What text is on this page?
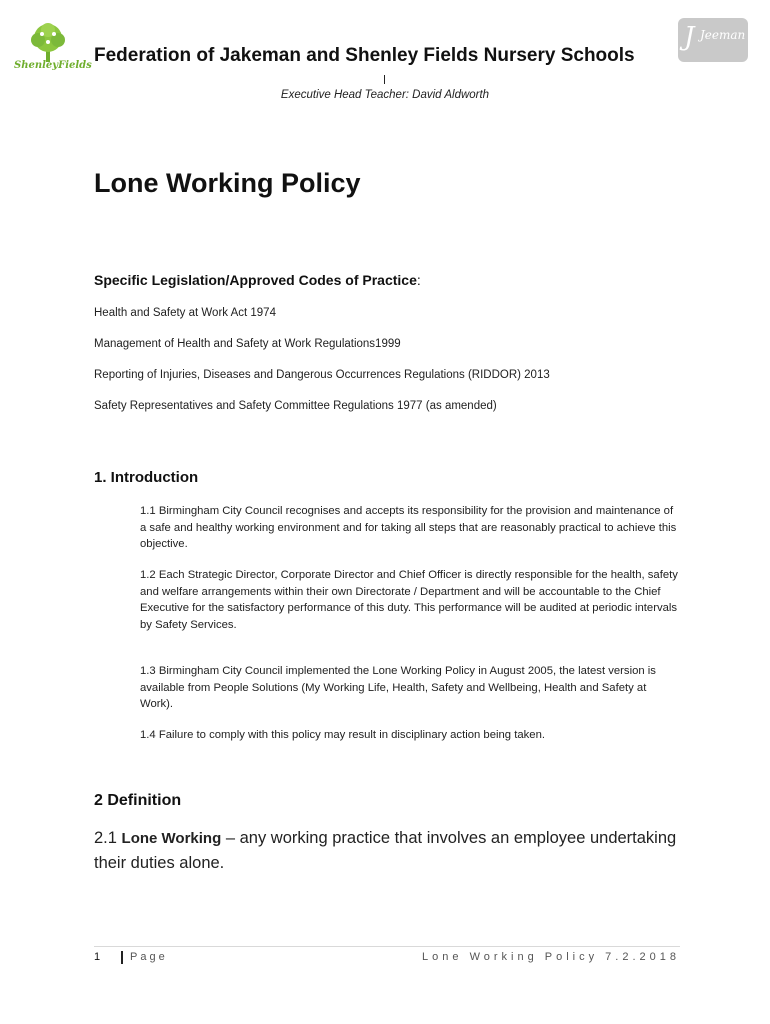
ShenleyFields
J Jeeman
Federation of Jakeman and Shenley Fields Nursery Schools
Executive Head Teacher: David Aldworth
Lone Working Policy
Specific Legislation/Approved Codes of Practice:
Health and Safety at Work Act 1974
Management of Health and Safety at Work Regulations1999
Reporting of Injuries, Diseases and Dangerous Occurrences Regulations (RIDDOR) 2013
Safety Representatives and Safety Committee Regulations 1977 (as amended)
1. Introduction
1.1 Birmingham City Council recognises and accepts its responsibility for the provision and maintenance of a safe and healthy working environment and for taking all steps that are reasonably practical to achieve this objective.
1.2 Each Strategic Director, Corporate Director and Chief Officer is directly responsible for the health, safety and welfare arrangements within their own Directorate / Department and will be accountable to the Chief Executive for the satisfactory performance of this duty. This performance will be audited at periodic intervals by Safety Services.
1.3 Birmingham City Council implemented the Lone Working Policy in August 2005, the latest version is available from People Solutions (My Working Life, Health, Safety and Wellbeing, Health and Safety at Work).
1.4 Failure to comply with this policy may result in disciplinary action being taken.
2 Definition
2.1 Lone Working – any working practice that involves an employee undertaking their duties alone.
1	Page	Lone Working Policy 7.2.2018
